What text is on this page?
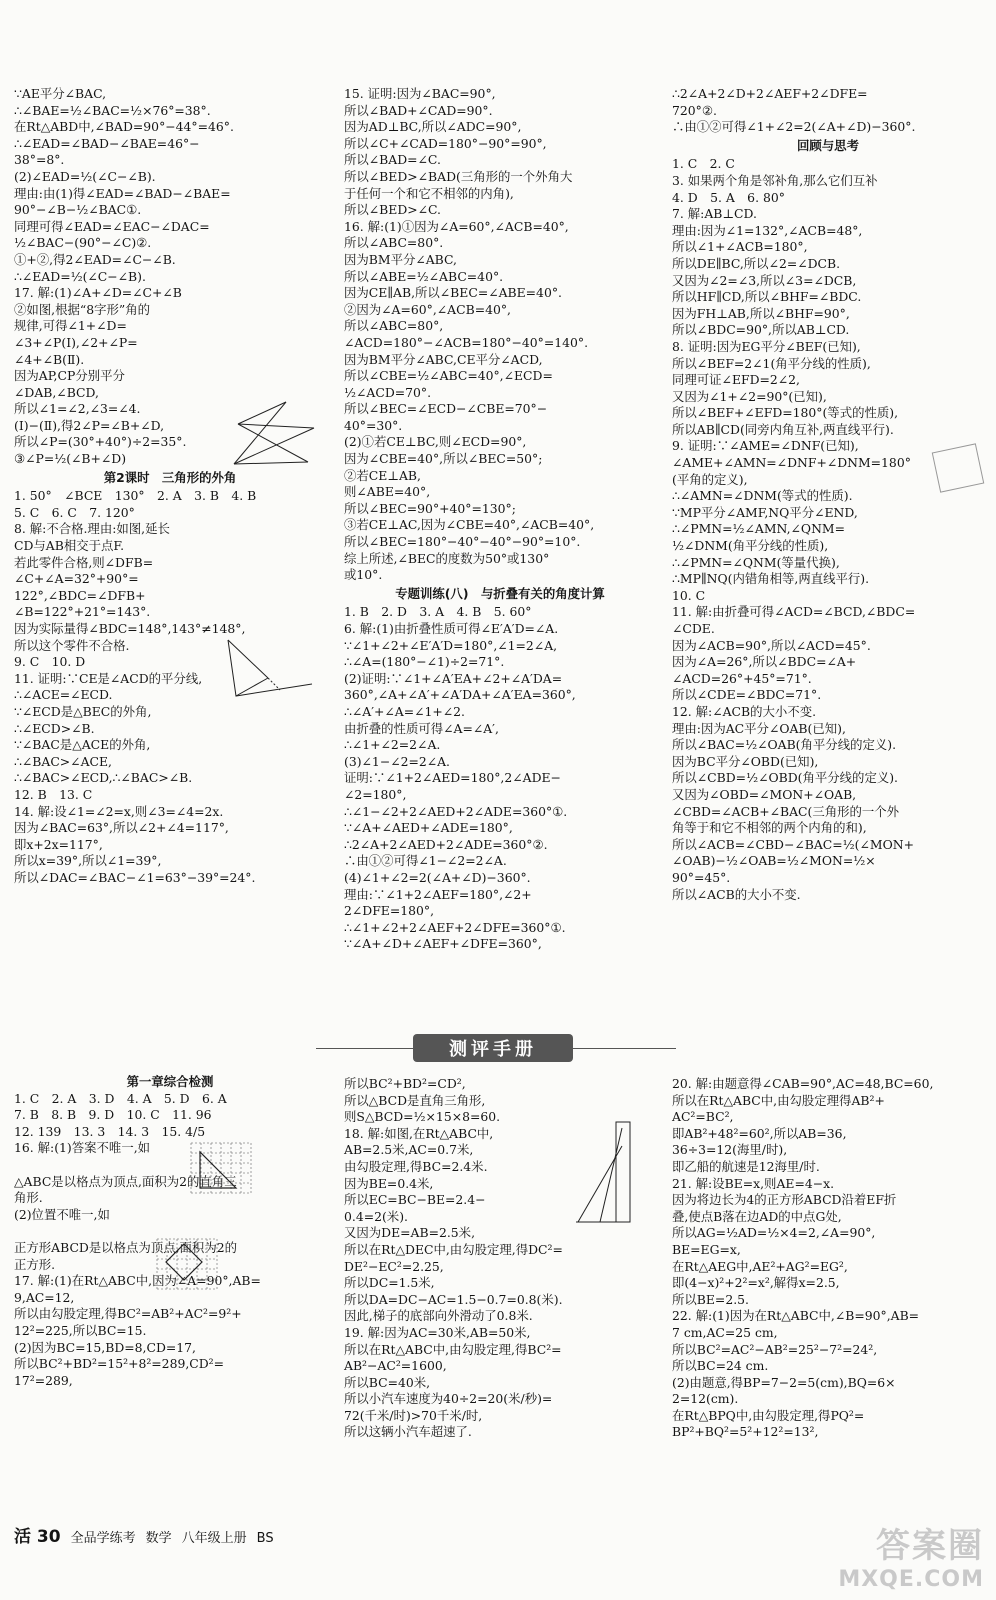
∵AE平分∠BAC,
∴∠BAE=½∠BAC=½×76°=38°.
在Rt△ABD中,∠BAD=90°−44°=46°.
∴∠EAD=∠BAD−∠BAE=46°−
38°=8°.
(2)∠EAD=½(∠C−∠B).
理由:由(1)得∠EAD=∠BAD−∠BAE=
90°−∠B−½∠BAC①.
同理可得∠EAD=∠EAC−∠DAC=
½∠BAC−(90°−∠C)②.
①+②,得2∠EAD=∠C−∠B.
∴∠EAD=½(∠C−∠B).
17. 解:(1)∠A+∠D=∠C+∠B
②如图,根据“8字形”角的
规律,可得∠1+∠D=
∠3+∠P(Ⅰ),∠2+∠P=
∠4+∠B(Ⅱ).
因为AP,CP分别平分
∠DAB,∠BCD,
所以∠1=∠2,∠3=∠4.
(Ⅰ)−(Ⅱ),得2∠P=∠B+∠D,
所以∠P=(30°+40°)÷2=35°.
③∠P=½(∠B+∠D)
第2课时　三角形的外角
1. 50°　∠BCE　130°　2. A　3. B　4. B
5. C　6. C　7. 120°
8. 解:不合格.理由:如图,延长
CD与AB相交于点F.
若此零件合格,则∠DFB=
∠C+∠A=32°+90°=
122°,∠BDC=∠DFB+
∠B=122°+21°=143°.
因为实际量得∠BDC=148°,143°≠148°,
所以这个零件不合格.
9. C　10. D
11. 证明:∵CE是∠ACD的平分线,
∴∠ACE=∠ECD.
∵∠ECD是△BEC的外角,
∴∠ECD>∠B.
∵∠BAC是△ACE的外角,
∴∠BAC>∠ACE,
∴∠BAC>∠ECD,∴∠BAC>∠B.
12. B　13. C
14. 解:设∠1=∠2=x,则∠3=∠4=2x.
因为∠BAC=63°,所以∠2+∠4=117°,
即x+2x=117°,
所以x=39°,所以∠1=39°,
所以∠DAC=∠BAC−∠1=63°−39°=24°.
15. 证明:因为∠BAC=90°,
所以∠BAD+∠CAD=90°.
因为AD⊥BC,所以∠ADC=90°,
所以∠C+∠CAD=180°−90°=90°,
所以∠BAD=∠C.
所以∠BED>∠BAD(三角形的一个外角大
于任何一个和它不相邻的内角),
所以∠BED>∠C.
16. 解:(1)①因为∠A=60°,∠ACB=40°,
所以∠ABC=80°.
因为BM平分∠ABC,
所以∠ABE=½∠ABC=40°.
因为CE∥AB,所以∠BEC=∠ABE=40°.
②因为∠A=60°,∠ACB=40°,
所以∠ABC=80°,
∠ACD=180°−∠ACB=180°−40°=140°.
因为BM平分∠ABC,CE平分∠ACD,
所以∠CBE=½∠ABC=40°,∠ECD=
½∠ACD=70°.
所以∠BEC=∠ECD−∠CBE=70°−
40°=30°.
(2)①若CE⊥BC,则∠ECD=90°,
因为∠CBE=40°,所以∠BEC=50°;
②若CE⊥AB,
则∠ABE=40°,
所以∠BEC=90°+40°=130°;
③若CE⊥AC,因为∠CBE=40°,∠ACB=40°,
所以∠BEC=180°−40°−40°−90°=10°.
综上所述,∠BEC的度数为50°或130°
或10°.
专题训练(八)　与折叠有关的角度计算
1. B　2. D　3. A　4. B　5. 60°
6. 解:(1)由折叠性质可得∠E′A′D=∠A.
∵∠1+∠2+∠E′A′D=180°,∠1=2∠A,
∴∠A=(180°−∠1)÷2=71°.
(2)证明:∵∠1+∠A′EA+∠2+∠A′DA=
360°,∠A+∠A′+∠A′DA+∠A′EA=360°,
∴∠A′+∠A=∠1+∠2.
由折叠的性质可得∠A=∠A′,
∴∠1+∠2=2∠A.
(3)∠1−∠2=2∠A.
证明:∵∠1+2∠AED=180°,2∠ADE−
∠2=180°,
∴∠1−∠2+2∠AED+2∠ADE=360°①.
∵∠A+∠AED+∠ADE=180°,
∴2∠A+2∠AED+2∠ADE=360°②.
∴由①②可得∠1−∠2=2∠A.
(4)∠1+∠2=2(∠A+∠D)−360°.
理由:∵∠1+2∠AEF=180°,∠2+
2∠DFE=180°,
∴∠1+∠2+2∠AEF+2∠DFE=360°①.
∵∠A+∠D+∠AEF+∠DFE=360°,
∴2∠A+2∠D+2∠AEF+2∠DFE=
720°②.
∴由①②可得∠1+∠2=2(∠A+∠D)−360°.
回顾与思考
1. C　2. C
3. 如果两个角是邻补角,那么它们互补
4. D　5. A　6. 80°
7. 解:AB⊥CD.
理由:因为∠1=132°,∠ACB=48°,
所以∠1+∠ACB=180°,
所以DE∥BC,所以∠2=∠DCB.
又因为∠2=∠3,所以∠3=∠DCB,
所以HF∥CD,所以∠BHF=∠BDC.
因为FH⊥AB,所以∠BHF=90°,
所以∠BDC=90°,所以AB⊥CD.
8. 证明:因为EG平分∠BEF(已知),
所以∠BEF=2∠1(角平分线的性质),
同理可证∠EFD=2∠2,
又因为∠1+∠2=90°(已知),
所以∠BEF+∠EFD=180°(等式的性质),
所以AB∥CD(同旁内角互补,两直线平行).
9. 证明:∵∠AME=∠DNF(已知),
∠AME+∠AMN=∠DNF+∠DNM=180°
(平角的定义),
∴∠AMN=∠DNM(等式的性质).
∵MP平分∠AMF,NQ平分∠END,
∴∠PMN=½∠AMN,∠QNM=
½∠DNM(角平分线的性质),
∴∠PMN=∠QNM(等量代换),
∴MP∥NQ(内错角相等,两直线平行).
10. C
11. 解:由折叠可得∠ACD=∠BCD,∠BDC=
∠CDE.
因为∠ACB=90°,所以∠ACD=45°.
因为∠A=26°,所以∠BDC=∠A+
∠ACD=26°+45°=71°.
所以∠CDE=∠BDC=71°.
12. 解:∠ACB的大小不变.
理由:因为AC平分∠OAB(已知),
所以∠BAC=½∠OAB(角平分线的定义).
因为BC平分∠OBD(已知),
所以∠CBD=½∠OBD(角平分线的定义).
又因为∠OBD=∠MON+∠OAB,
∠CBD=∠ACB+∠BAC(三角形的一个外
角等于和它不相邻的两个内角的和),
所以∠ACB=∠CBD−∠BAC=½(∠MON+
∠OAB)−½∠OAB=½∠MON=½×
90°=45°.
所以∠ACB的大小不变.
测评手册
第一章综合检测
1. C　2. A　3. D　4. A　5. D　6. A
7. B　8. B　9. D　10. C　11. 96
12. 139　13. 3　14. 3　15. 4/5
16. 解:(1)答案不唯一,如

△ABC是以格点为顶点,面积为2的直角三
角形.
(2)位置不唯一,如

正方形ABCD是以格点为顶点,面积为2的
正方形.
17. 解:(1)在Rt△ABC中,因为∠A=90°,AB=
9,AC=12,
所以由勾股定理,得BC²=AB²+AC²=9²+
12²=225,所以BC=15.
(2)因为BC=15,BD=8,CD=17,
所以BC²+BD²=15²+8²=289,CD²=
17²=289,
所以BC²+BD²=CD²,
所以△BCD是直角三角形,
则S△BCD=½×15×8=60.
18. 解:如图,在Rt△ABC中,
AB=2.5米,AC=0.7米,
由勾股定理,得BC=2.4米.
因为BE=0.4米,
所以EC=BC−BE=2.4−
0.4=2(米).
又因为DE=AB=2.5米,
所以在Rt△DEC中,由勾股定理,得DC²=
DE²−EC²=2.25,
所以DC=1.5米,
所以DA=DC−AC=1.5−0.7=0.8(米).
因此,梯子的底部向外滑动了0.8米.
19. 解:因为AC=30米,AB=50米,
所以在Rt△ABC中,由勾股定理,得BC²=
AB²−AC²=1600,
所以BC=40米,
所以小汽车速度为40÷2=20(米/秒)=
72(千米/时)>70千米/时,
所以这辆小汽车超速了.
20. 解:由题意得∠CAB=90°,AC=48,BC=60,
所以在Rt△ABC中,由勾股定理得AB²+
AC²=BC²,
即AB²+48²=60²,所以AB=36,
36÷3=12(海里/时),
即乙船的航速是12海里/时.
21. 解:设BE=x,则AE=4−x.
因为将边长为4的正方形ABCD沿着EF折
叠,使点B落在边AD的中点G处,
所以AG=½AD=½×4=2,∠A=90°,
BE=EG=x,
在Rt△AEG中,AE²+AG²=EG²,
即(4−x)²+2²=x²,解得x=2.5,
所以BE=2.5.
22. 解:(1)因为在Rt△ABC中,∠B=90°,AB=
7 cm,AC=25 cm,
所以BC²=AC²−AB²=25²−7²=24²,
所以BC=24 cm.
(2)由题意,得BP=7−2=5(cm),BQ=6×
2=12(cm).
在Rt△BPQ中,由勾股定理,得PQ²=
BP²+BQ²=5²+12²=13²,
活 30 全品学练考 数学 八年级上册 BS	答案圈
MXQE.COM
